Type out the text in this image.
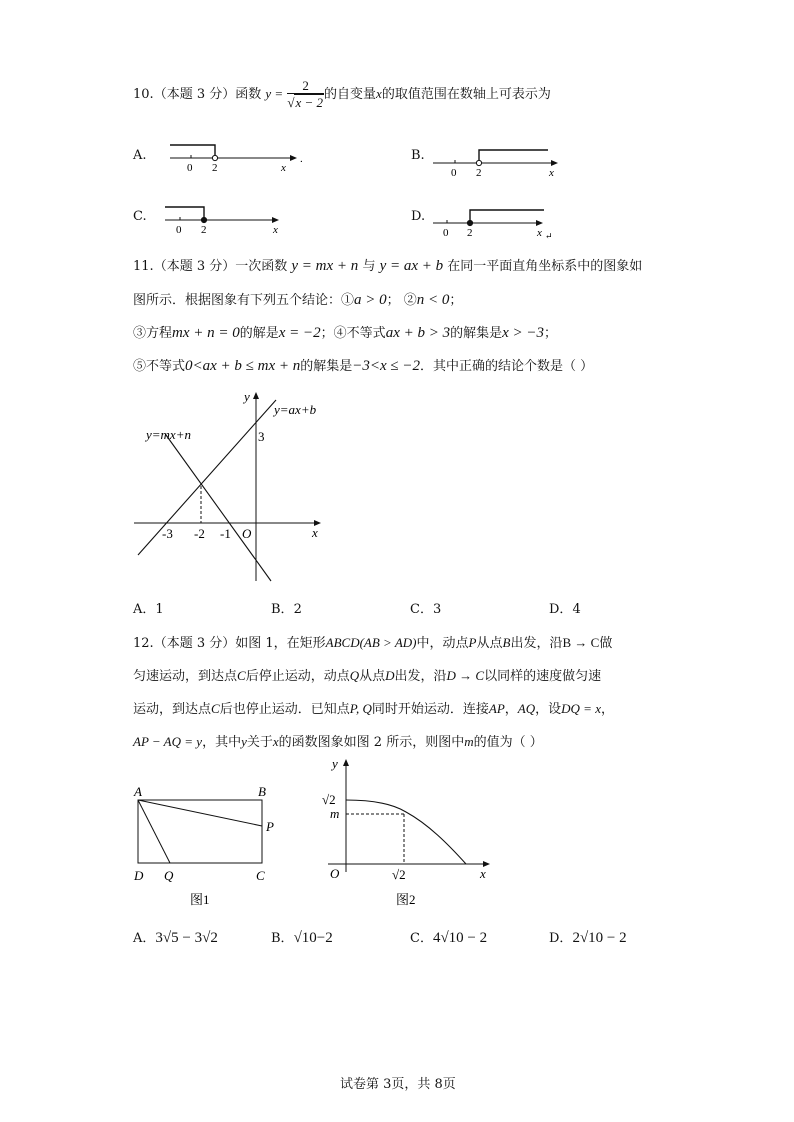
10.（本题 3 分）函数 $y = \frac{2}{√x - 2}$ 的自变量x的取值范围在数轴上可表示为
A.
0 2	x
.	B.
0 2	x
C.
0 2	x
D.
0 2	x ↵
11.（本题 3 分）一次函数 y = mx + n 与 y = ax + b 在同一平面直角坐标系中的图象如
图所示．根据图象有下列五个结论：①a > 0； ②n < 0；
③方程mx + n = 0的解是x = −2；④不等式ax + b > 3的解集是x > −3；
⑤不等式0<ax + b ≤ mx + n的解集是−3<x ≤ −2．其中正确的结论个数是（ ）
y
x
O
3
-3 -2 -1
y=mx+n
y=ax+b
A．1	B．2	C．3	D．4
12.（本题 3 分）如图 1，在矩形ABCD(AB > AD)中，动点P从点B出发，沿B → C做
匀速运动，到达点C后停止运动，动点Q从点D出发，沿D → C以同样的速度做匀速
运动，到达点C后也停止运动．已知点P, Q同时开始运动．连接AP，AQ，设DQ = x，
AP − AQ = y，其中y关于x的函数图象如图 2 所示，则图中m的值为（ ）
A	B
P
D Q	C
图1
y
x
O
√2
m
√2
图2
A．3√5 − 3√2	B．√10−2	C．4√10 − 2	D．2√10 − 2
试卷第 3页，共 8页
